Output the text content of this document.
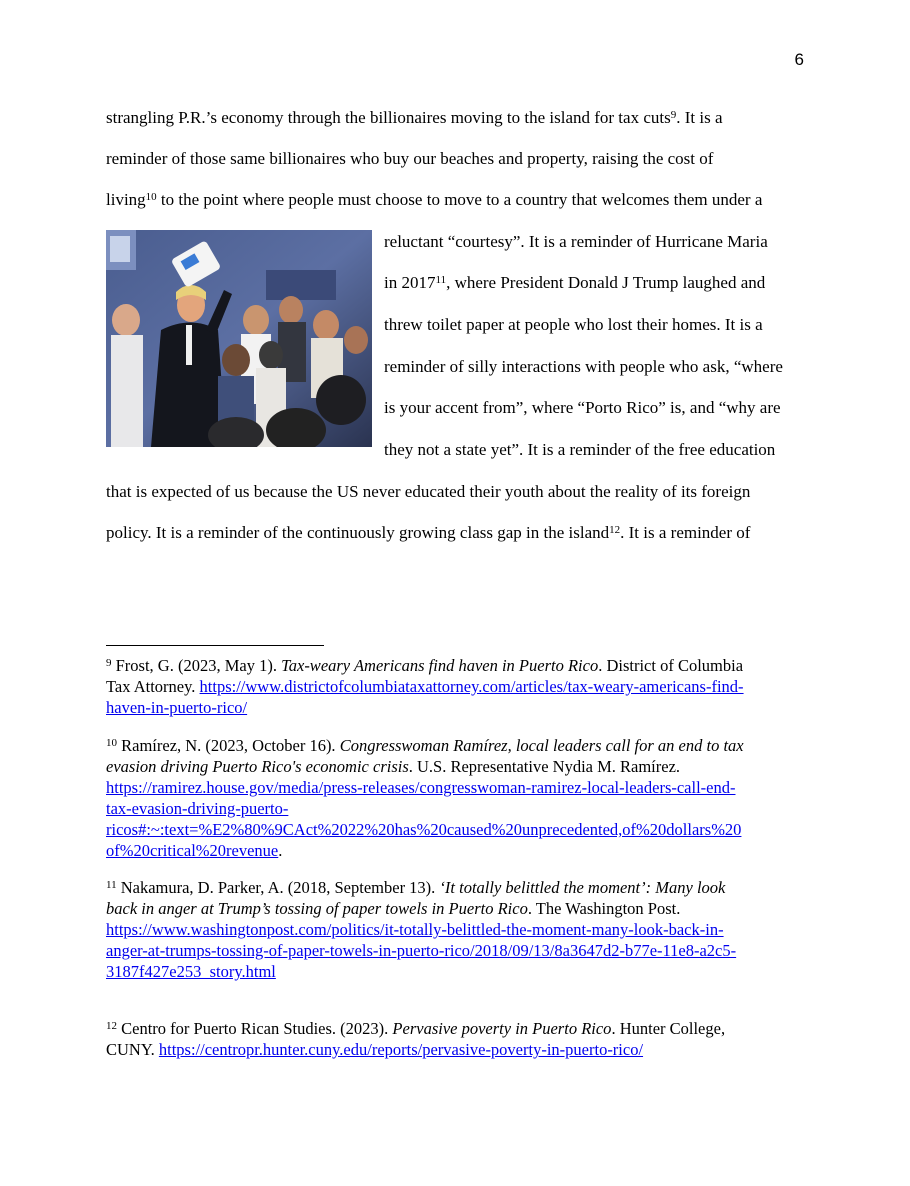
6
strangling P.R.’s economy through the billionaires moving to the island for tax cuts$^9$. It is a
reminder of those same billionaires who buy our beaches and property, raising the cost of
living$^{10}$ to the point where people must choose to move to a country that welcomes them under a
reluctant “courtesy”. It is a reminder of Hurricane Maria
in 2017$^{11}$, where President Donald J Trump laughed and
threw toilet paper at people who lost their homes. It is a
reminder of silly interactions with people who ask, “where
is your accent from”, where “Porto Rico” is, and “why are
they not a state yet”. It is a reminder of the free education
that is expected of us because the US never educated their youth about the reality of its foreign
policy. It is a reminder of the continuously growing class gap in the island$^{12}$. It is a reminder of
$^9$ Frost, G. (2023, May 1). Tax-weary Americans find haven in Puerto Rico. District of Columbia
Tax Attorney. https://www.districtofcolumbiataxattorney.com/articles/tax-weary-americans-find-
haven-in-puerto-rico/
$^{10}$ Ramírez, N. (2023, October 16). Congresswoman Ramírez, local leaders call for an end to tax
evasion driving Puerto Rico's economic crisis. U.S. Representative Nydia M. Ramírez.
https://ramirez.house.gov/media/press-releases/congresswoman-ramirez-local-leaders-call-end-
tax-evasion-driving-puerto-
ricos#:~:text=%E2%80%9CAct%2022%20has%20caused%20unprecedented,of%20dollars%20
of%20critical%20revenue.
$^{11}$ Nakamura, D. Parker, A. (2018, September 13). ‘It totally belittled the moment’: Many look
back in anger at Trump’s tossing of paper towels in Puerto Rico. The Washington Post.
https://www.washingtonpost.com/politics/it-totally-belittled-the-moment-many-look-back-in-
anger-at-trumps-tossing-of-paper-towels-in-puerto-rico/2018/09/13/8a3647d2-b77e-11e8-a2c5-
3187f427e253_story.html
$^{12}$ Centro for Puerto Rican Studies. (2023). Pervasive poverty in Puerto Rico. Hunter College,
CUNY. https://centropr.hunter.cuny.edu/reports/pervasive-poverty-in-puerto-rico/
